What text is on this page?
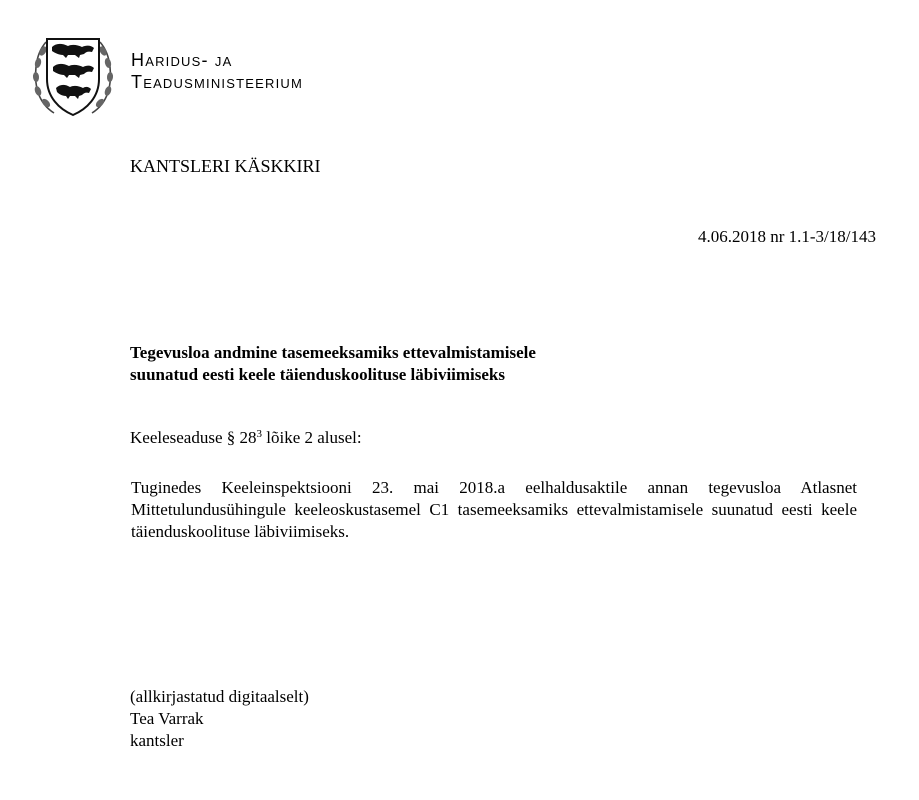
Haridus- ja
Teadusministeerium
KANTSLERI KÄSKKIRI
4.06.2018 nr 1.1-3/18/143
Tegevusloa andmine tasemeeksamiks ettevalmistamisele
suunatud eesti keele täienduskoolituse läbiviimiseks
Keeleseaduse § $28^3$ lõike 2 alusel:
Tuginedes Keeleinspektsiooni 23. mai 2018.a eelhaldusaktile annan tegevusloa Atlasnet Mittetulundusühingule keeleoskustasemel C1 tasemeeksamiks ettevalmistamisele suunatud eesti keele täienduskoolituse läbiviimiseks.
(allkirjastatud digitaalselt)
Tea Varrak
kantsler
